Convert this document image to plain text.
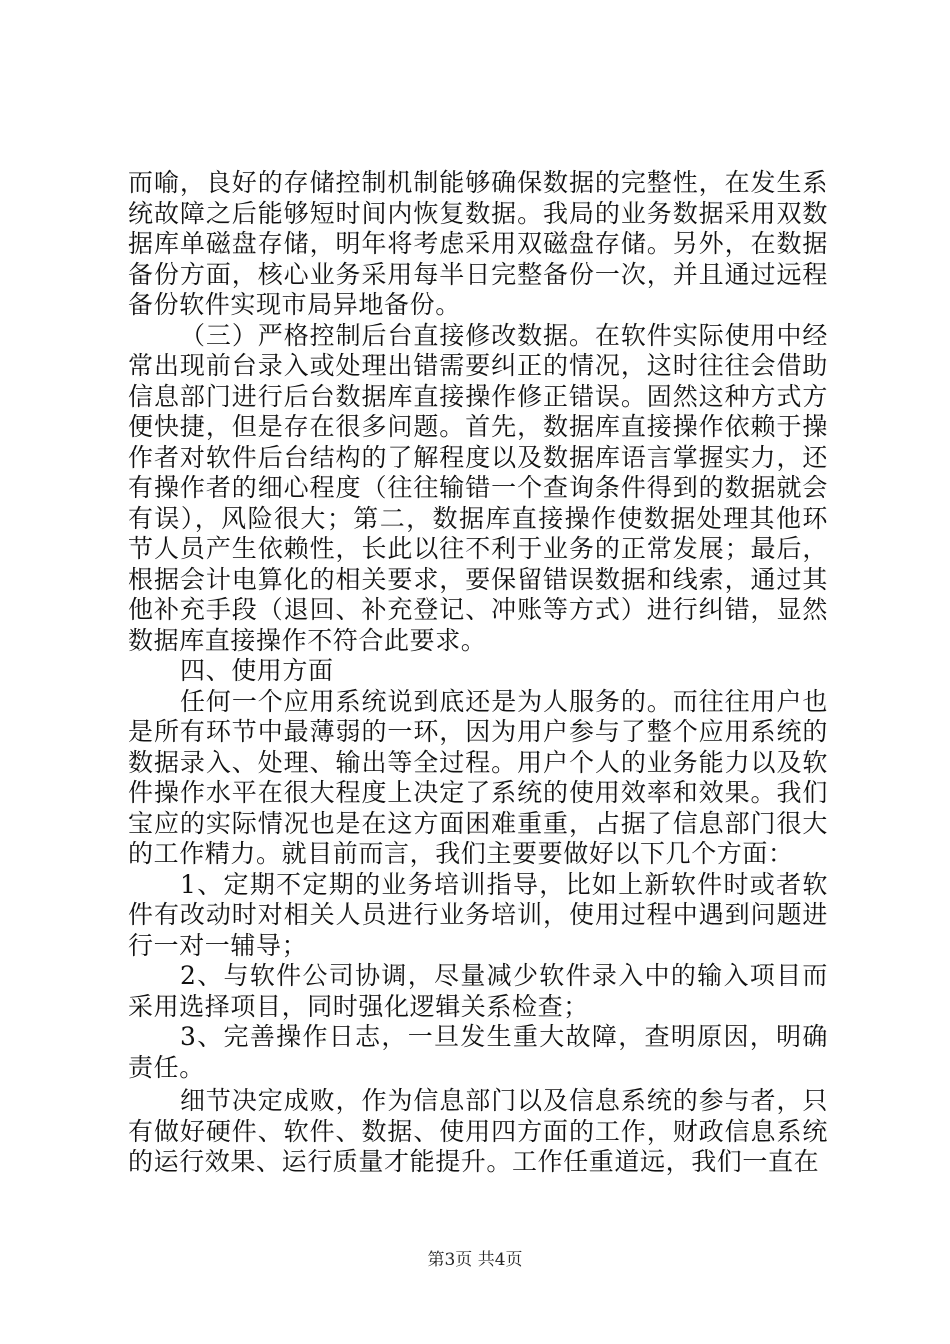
而喻，良好的存储控制机制能够确保数据的完整性，在发生系统故障之后能够短时间内恢复数据。我局的业务数据采用双数据库单磁盘存储，明年将考虑采用双磁盘存储。另外，在数据备份方面，核心业务采用每半日完整备份一次，并且通过远程备份软件实现市局异地备份。

（三）严格控制后台直接修改数据。在软件实际使用中经常出现前台录入或处理出错需要纠正的情况，这时往往会借助信息部门进行后台数据库直接操作修正错误。固然这种方式方便快捷，但是存在很多问题。首先，数据库直接操作依赖于操作者对软件后台结构的了解程度以及数据库语言掌握实力，还有操作者的细心程度（往往输错一个查询条件得到的数据就会有误），风险很大；第二，数据库直接操作使数据处理其他环节人员产生依赖性，长此以往不利于业务的正常发展；最后，根据会计电算化的相关要求，要保留错误数据和线索，通过其他补充手段（退回、补充登记、冲账等方式）进行纠错，显然数据库直接操作不符合此要求。

四、使用方面

任何一个应用系统说到底还是为人服务的。而往往用户也是所有环节中最薄弱的一环，因为用户参与了整个应用系统的数据录入、处理、输出等全过程。用户个人的业务能力以及软件操作水平在很大程度上决定了系统的使用效率和效果。我们宝应的实际情况也是在这方面困难重重，占据了信息部门很大的工作精力。就目前而言，我们主要要做好以下几个方面：

1、定期不定期的业务培训指导，比如上新软件时或者软件有改动时对相关人员进行业务培训，使用过程中遇到问题进行一对一辅导；

2、与软件公司协调，尽量减少软件录入中的输入项目而采用选择项目，同时强化逻辑关系检查；

3、完善操作日志，一旦发生重大故障，查明原因，明确责任。

细节决定成败，作为信息部门以及信息系统的参与者，只有做好硬件、软件、数据、使用四方面的工作，财政信息系统的运行效果、运行质量才能提升。工作任重道远，我们一直在

第3页 共4页
